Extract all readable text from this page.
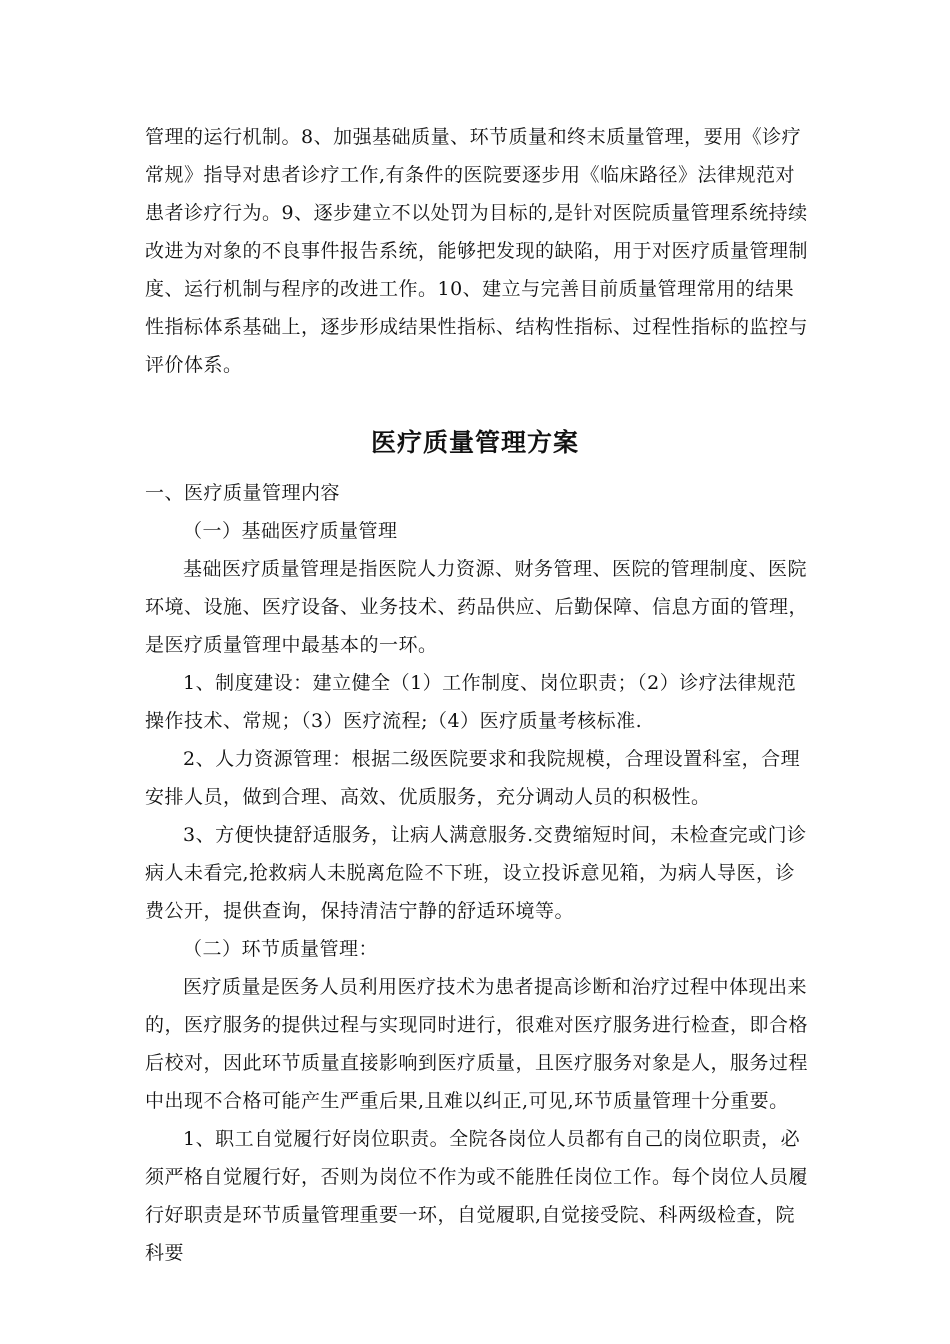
管理的运行机制。8、加强基础质量、环节质量和终末质量管理，要用《诊疗常规》指导对患者诊疗工作,有条件的医院要逐步用《临床路径》法律规范对患者诊疗行为。9、逐步建立不以处罚为目标的,是针对医院质量管理系统持续改进为对象的不良事件报告系统，能够把发现的缺陷，用于对医疗质量管理制度、运行机制与程序的改进工作。10、建立与完善目前质量管理常用的结果性指标体系基础上，逐步形成结果性指标、结构性指标、过程性指标的监控与评价体系。

医疗质量管理方案

一、医疗质量管理内容

（一）基础医疗质量管理

基础医疗质量管理是指医院人力资源、财务管理、医院的管理制度、医院环境、设施、医疗设备、业务技术、药品供应、后勤保障、信息方面的管理，是医疗质量管理中最基本的一环。

1、制度建设：建立健全（1）工作制度、岗位职责；（2）诊疗法律规范操作技术、常规；（3）医疗流程;（4）医疗质量考核标准.

2、人力资源管理：根据二级医院要求和我院规模，合理设置科室，合理安排人员，做到合理、高效、优质服务，充分调动人员的积极性。

3、方便快捷舒适服务，让病人满意服务.交费缩短时间，未检查完或门诊病人未看完,抢救病人未脱离危险不下班，设立投诉意见箱，为病人导医，诊费公开，提供查询，保持清洁宁静的舒适环境等。

（二）环节质量管理：

医疗质量是医务人员利用医疗技术为患者提高诊断和治疗过程中体现出来的，医疗服务的提供过程与实现同时进行，很难对医疗服务进行检查，即合格后校对，因此环节质量直接影响到医疗质量，且医疗服务对象是人，服务过程中出现不合格可能产生严重后果,且难以纠正,可见,环节质量管理十分重要。

1、职工自觉履行好岗位职责。全院各岗位人员都有自己的岗位职责，必须严格自觉履行好，否则为岗位不作为或不能胜任岗位工作。每个岗位人员履行好职责是环节质量管理重要一环，自觉履职,自觉接受院、科两级检查，院科要
